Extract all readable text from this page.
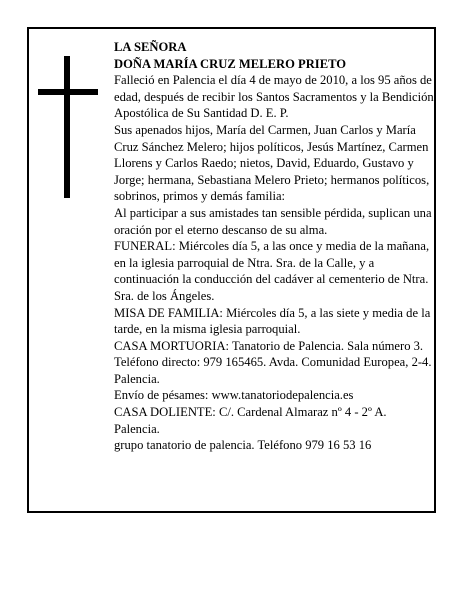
LA SEÑORA

DOÑA MARÍA CRUZ MELERO PRIETO

Falleció en Palencia el día 4 de mayo de 2010, a los 95 años de edad, después de recibir los Santos Sacramentos y la Bendición Apostólica de Su Santidad D. E. P.

Sus apenados hijos, María del Carmen, Juan Carlos y María Cruz Sánchez Melero; hijos políticos, Jesús Martínez, Carmen Llorens y Carlos Raedo; nietos, David, Eduardo, Gustavo y Jorge; hermana, Sebastiana Melero Prieto; hermanos políticos, sobrinos, primos y demás familia:

Al participar a sus amistades tan sensible pérdida, suplican una oración por el eterno descanso de su alma.

FUNERAL: Miércoles día 5, a las once y media de la mañana, en la iglesia parroquial de Ntra. Sra. de la Calle, y a continuación la conducción del cadáver al cementerio de Ntra. Sra. de los Ángeles.

MISA DE FAMILIA: Miércoles día 5, a las siete y media de la tarde, en la misma iglesia parroquial.

CASA MORTUORIA: Tanatorio de Palencia. Sala número 3. Teléfono directo: 979 165465. Avda. Comunidad Europea, 2-4. Palencia.

Envío de pésames: www.tanatoriodepalencia.es

CASA DOLIENTE: C/. Cardenal Almaraz nº 4 - 2º A. Palencia.

grupo tanatorio de palencia. Teléfono 979 16 53 16
